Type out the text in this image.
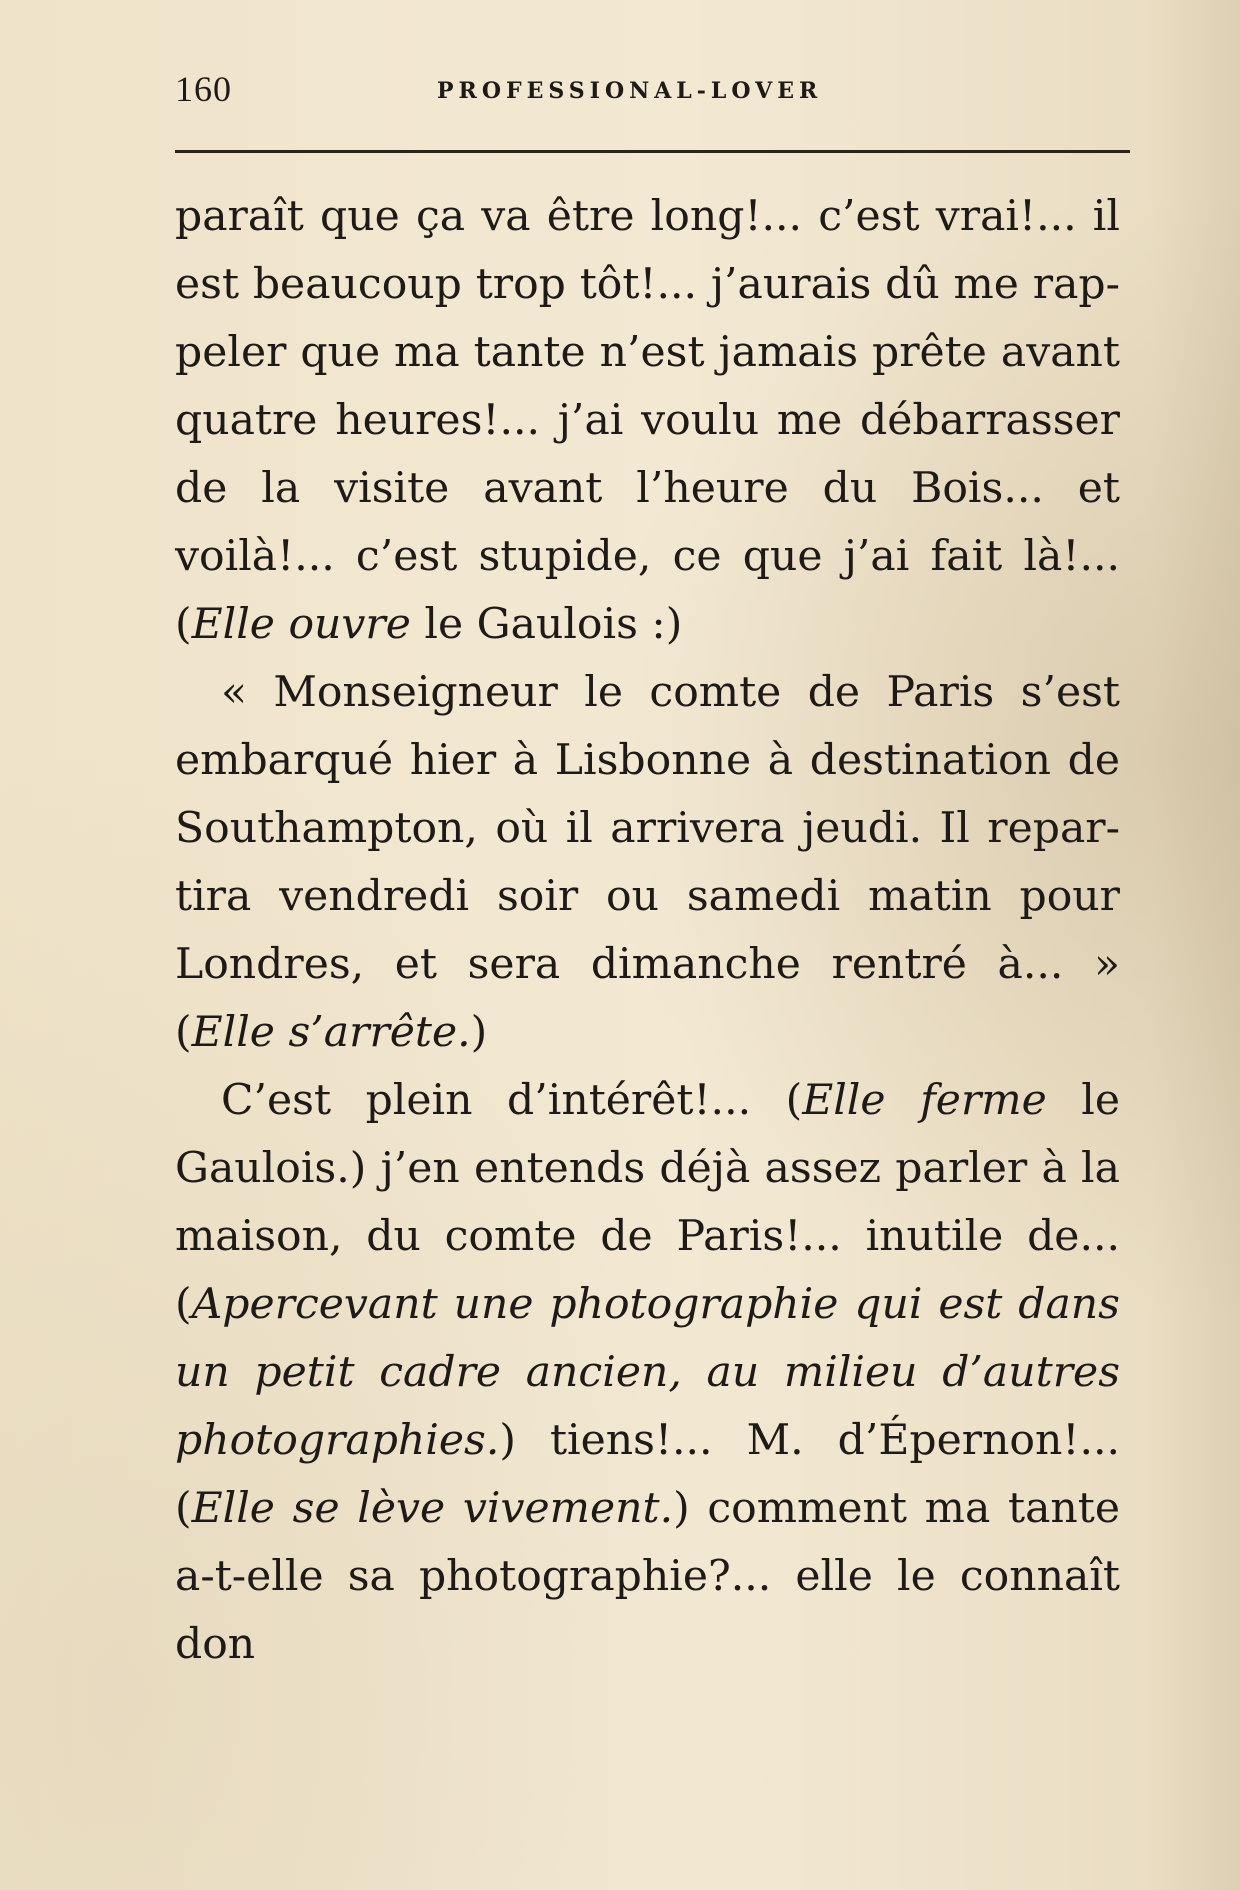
160	PROFESSIONAL-LOVER

paraît que ça va être long!... c’est vrai!... il est beaucoup trop tôt!... j’aurais dû me rappeler que ma tante n’est jamais prête avant quatre heures!... j’ai voulu me débarrasser de la visite avant l’heure du Bois... et voilà!... c’est stupide, ce que j’ai fait là!... (Elle ouvre le Gaulois :)

« Monseigneur le comte de Paris s’est embarqué hier à Lisbonne à destination de Southampton, où il arrivera jeudi. Il repartira vendredi soir ou samedi matin pour Londres, et sera dimanche rentré à... » (Elle s’arrête.)

C’est plein d’intérêt!... (Elle ferme le Gaulois.) j’en entends déjà assez parler à la maison, du comte de Paris!... inutile de... (Apercevant une photographie qui est dans un petit cadre ancien, au milieu d’autres photographies.) tiens!... M. d’Épernon!... (Elle se lève vivement.) comment ma tante a-t-elle sa photographie?... elle le connaît don
